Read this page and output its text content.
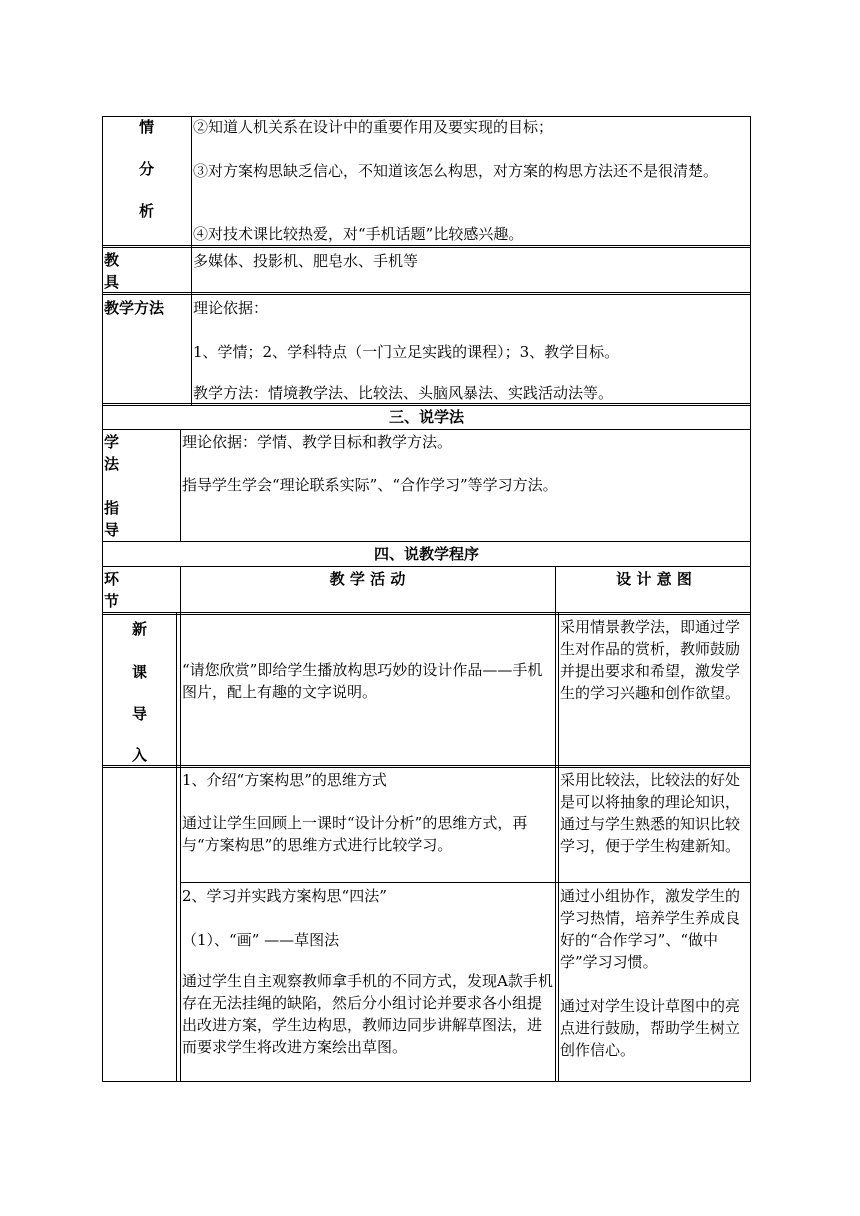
情
分
析
②知道人机关系在设计中的重要作用及要实现的目标；
③对方案构思缺乏信心，不知道该怎么构思，对方案的构思方法还不是很清楚。
④对技术课比较热爱，对“手机话题”比较感兴趣。
教
具
多媒体、投影机、肥皂水、手机等
教学方法 理论依据：
1、学情；2、学科特点（一门立足实践的课程）；3、教学目标。
教学方法：情境教学法、比较法、头脑风暴法、实践活动法等。
三、说学法
学
法
指
导
理论依据：学情、教学目标和教学方法。
指导学生学会“理论联系实际”、“合作学习”等学习方法。
四、说教学程序
环
节
教 学 活 动	设 计 意 图
新
课
导
入
“请您欣赏”即给学生播放构思巧妙的设计作品——手机图片，配上有趣的文字说明。
采用情景教学法，即通过学生对作品的赏析，教师鼓励并提出要求和希望，激发学生的学习兴趣和创作欲望。
1、介绍“方案构思”的思维方式
通过让学生回顾上一课时“设计分析”的思维方式，再与“方案构思”的思维方式进行比较学习。
采用比较法，比较法的好处是可以将抽象的理论知识，通过与学生熟悉的知识比较学习，便于学生构建新知。
2、学习并实践方案构思“四法”
（1）、“画” ——草图法
通过学生自主观察教师拿手机的不同方式，发现A款手机存在无法挂绳的缺陷，然后分小组讨论并要求各小组提出改进方案，学生边构思，教师边同步讲解草图法，进而要求学生将改进方案绘出草图。
通过小组协作，激发学生的学习热情，培养学生养成良好的“合作学习”、“做中学”学习习惯。
通过对学生设计草图中的亮点进行鼓励，帮助学生树立创作信心。
